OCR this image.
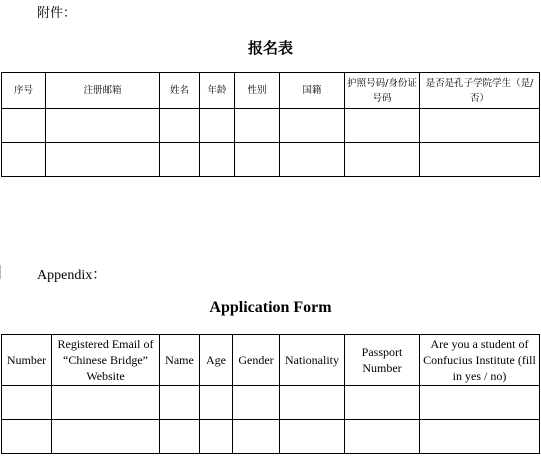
附件：
报名表
序号	注册邮箱	姓名	年龄	性别	国籍	护照号码/身份证号码	是否是孔子学院学生（是/否）

Appendix：
Application Form
Number	Registered Email of “Chinese Bridge” Website	Name	Age	Gender	Nationality	Passport Number	Are you a student of Confucius Institute (fill in yes / no)
